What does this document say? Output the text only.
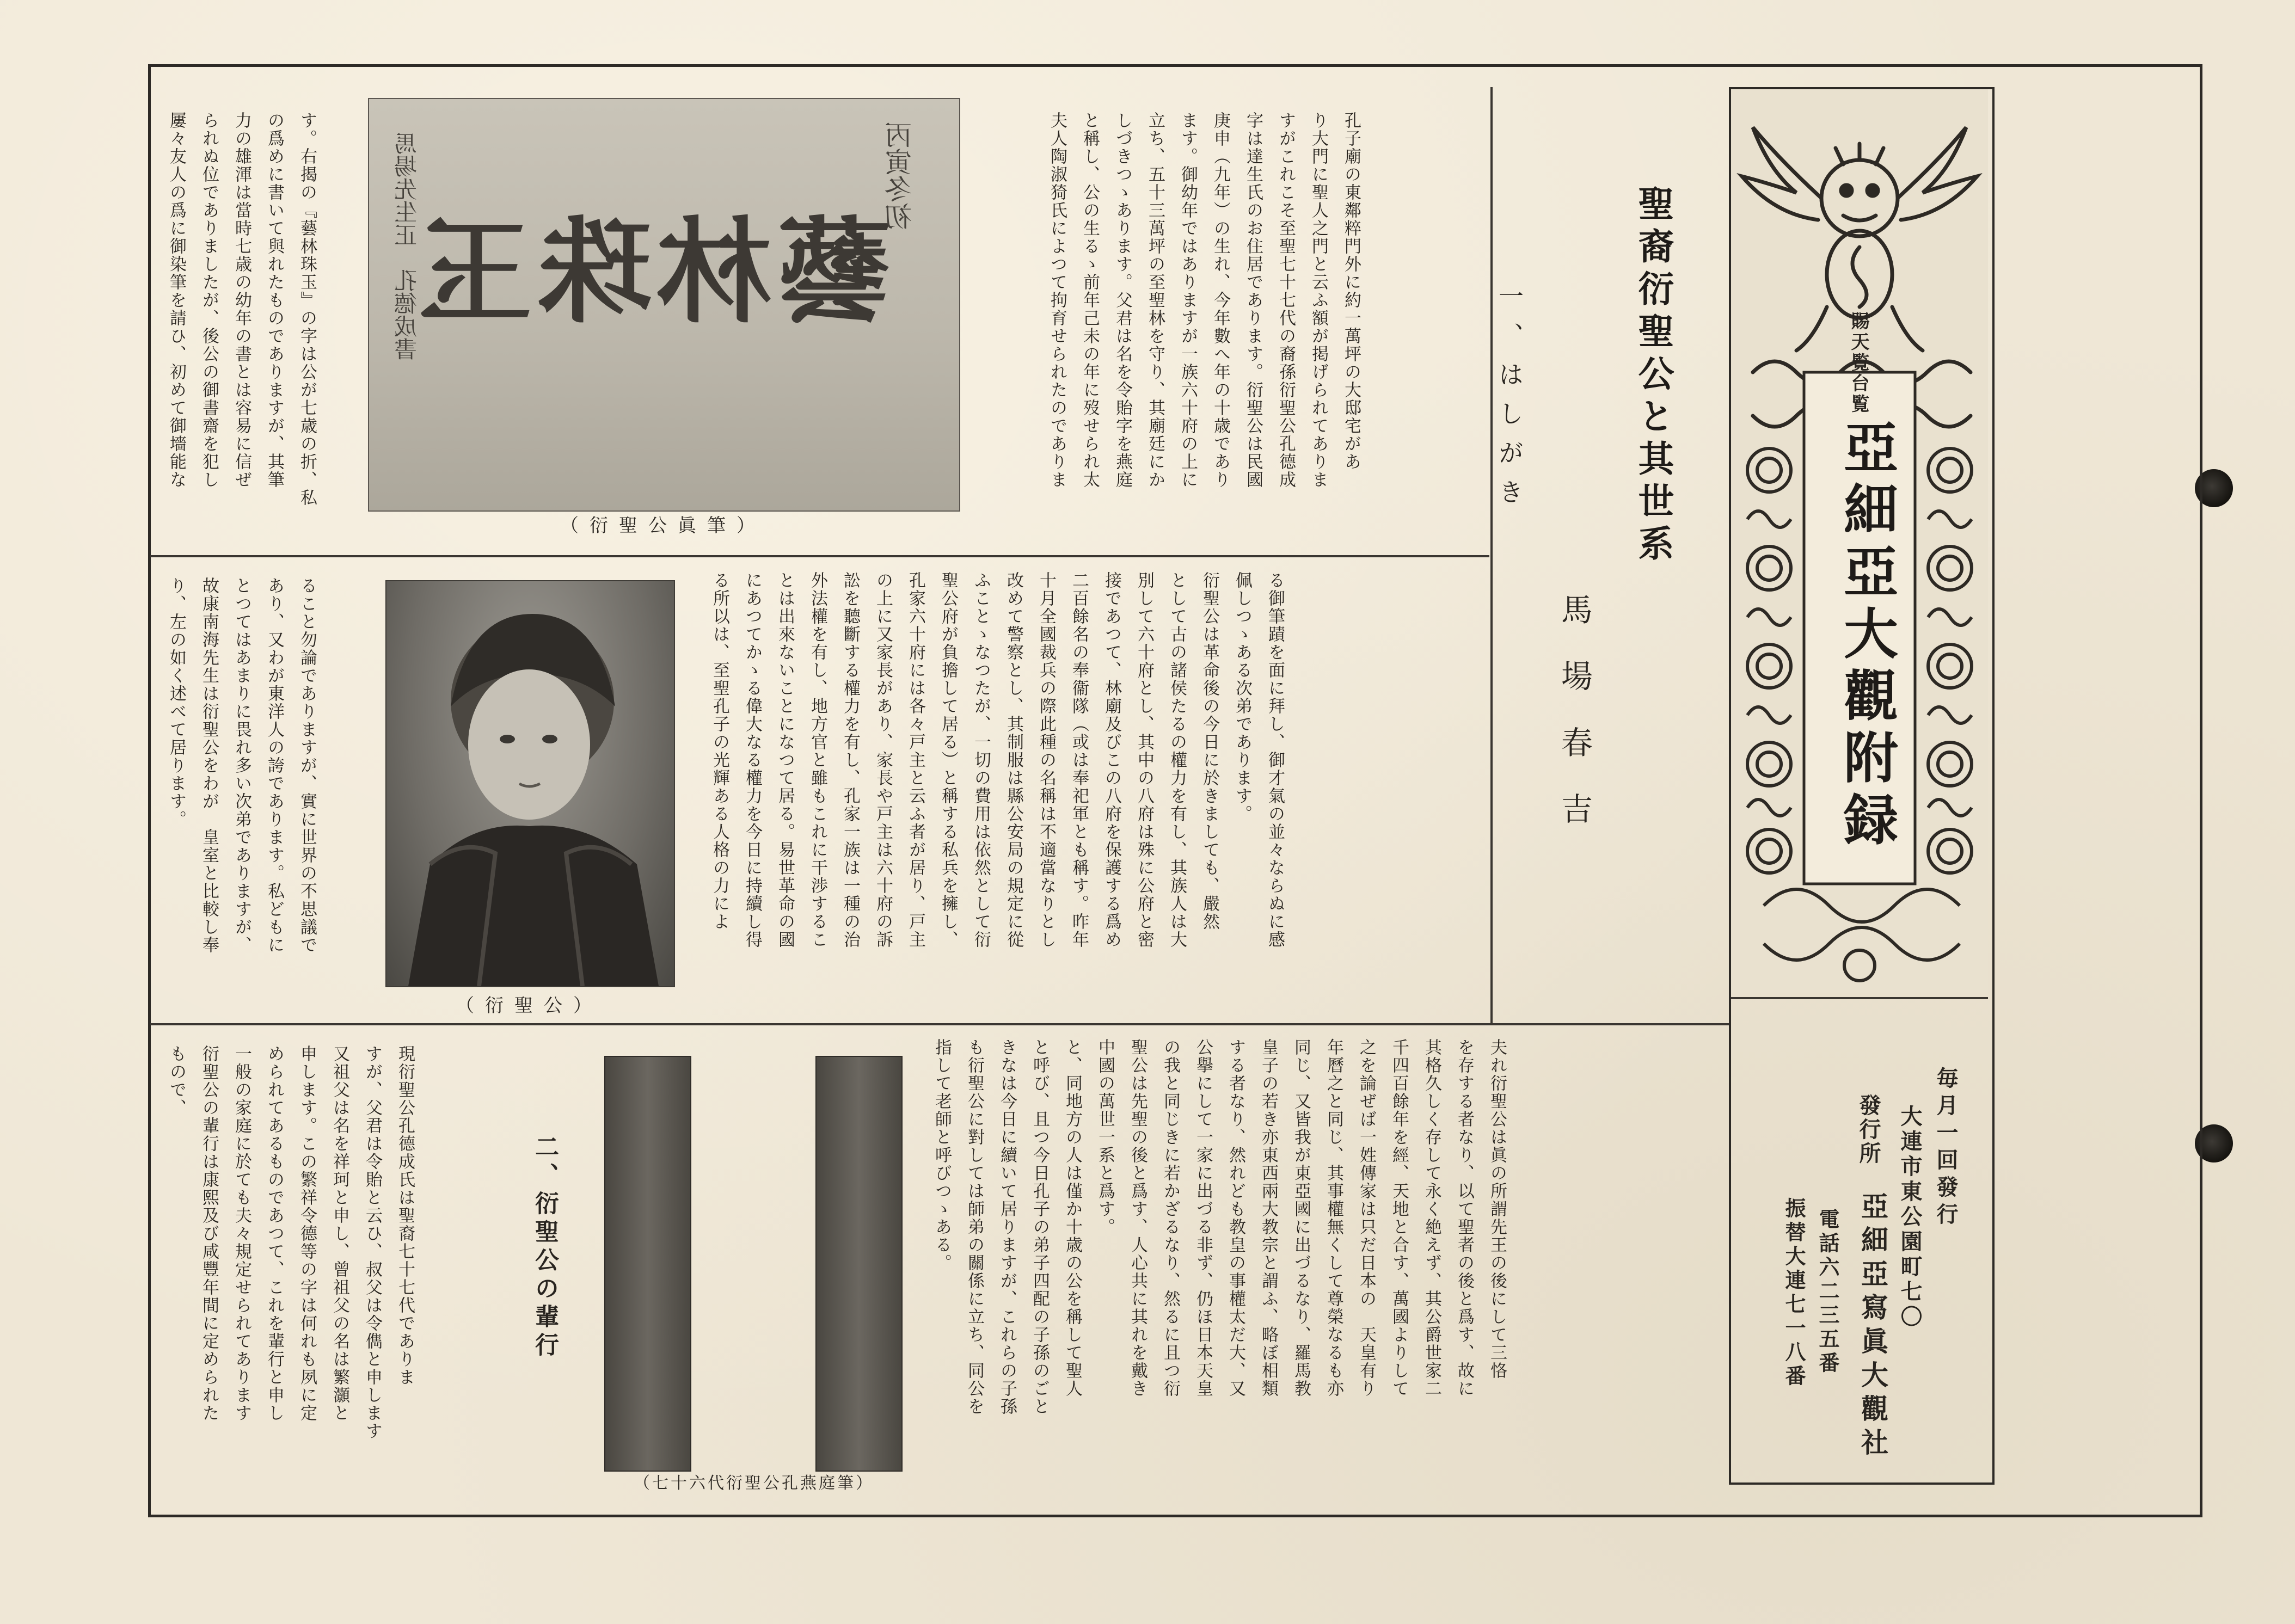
賜天覧台覧
亞細亞大觀附録
毎月一回發行
大連市東公園町七〇
發行所
亞細亞寫眞大觀社
電話六二三五番
振替大連七一八番
聖裔衍聖公と其世系
馬場春吉
一、はしがき
孔子廟の東鄰粹門外に約一萬坪の大邸宅があ
り大門に聖人之門と云ふ額が掲げられてありま
すがこれこそ至聖七十七代の裔孫衍聖公孔德成
字は達生氏のお住居であります。衍聖公は民國
庚申（九年）の生れ、今年數へ年の十歳であり
ます。御幼年ではありますが一族六十府の上に
立ち、五十三萬坪の至聖林を守り、其廟廷にか
しづきつゝあります。父君は名を令貽字を燕庭
と稱し、公の生るゝ前年己未の年に歿せられ太
夫人陶淑猗氏によつて拘育せられたのでありま
藝林珠玉
丙寅冬初
馬場先生正　孔德成書
（衍聖公眞筆）
す。右揭の『藝林珠玉』の字は公が七歳の折、私
の爲めに書いて與れたものでありますが、其筆
力の雄渾は當時七歳の幼年の書とは容易に信ぜ
られぬ位でありましたが、後公の御書齋を犯し
屢々友人の爲に御染筆を請ひ、初めて御墻能な
る御筆蹟を面に拜し、御才氣の並々ならぬに感
佩しつゝある次弟であります。
衍聖公は革命後の今日に於きましても、嚴然
として古の諸侯たるの權力を有し、其族人は大
別して六十府とし、其中の八府は殊に公府と密
接であつて、林廟及びこの八府を保護する爲め
二百餘名の奉衞隊（或は奉祀軍とも稱す。昨年
十月全國裁兵の際此種の名稱は不適當なりとし
改めて警察とし、其制服は縣公安局の規定に從
ふことゝなつたが、一切の費用は依然として衍
聖公府が負擔して居る）と稱する私兵を擁し、
孔家六十府には各々戸主と云ふ者が居り、戸主
の上に又家長があり、家長や戸主は六十府の訴
訟を聽斷する權力を有し、孔家一族は一種の治
外法權を有し、地方官と雖もこれに干渉するこ
とは出來ないことになつて居る。易世革命の國
にあつてかゝる偉大なる權力を今日に持續し得
る所以は、至聖孔子の光輝ある人格の力によ
（衍聖公）
ること勿論でありますが、實に世界の不思議で
あり、又わが東洋人の誇であります。私どもに
とつてはあまりに畏れ多い次弟でありますが、
故康南海先生は衍聖公をわが　皇室と比較し奉
り、左の如く述べて居ります。
夫れ衍聖公は眞の所謂先王の後にして三恪
を存する者なり、以て聖者の後と爲す、故に
其格久しく存して永く絶えず、其公爵世家二
千四百餘年を經、天地と合す、萬國よりして
之を論ぜば一姓傳家は只だ日本の　天皇有り
年曆之と同じ、其事權無くして尊榮なるも亦
同じ、又皆我が東亞國に出づるなり、羅馬教
皇子の若き亦東西兩大教宗と謂ふ、略ぼ相類
する者なり、然れども教皇の事權太だ大、又
公擧にして一家に出づる非ず、仍ほ日本天皇
の我と同じきに若かざるなり、然るに且つ衍
聖公は先聖の後と爲す、人心共に其れを戴き
中國の萬世一系と爲す。
と、同地方の人は僅か十歳の公を稱して聖人
と呼び、且つ今日孔子の弟子四配の子孫のごと
きなは今日に續いて居りますが、これらの子孫
も衍聖公に對しては師弟の關係に立ち、同公を
指して老師と呼びつゝある。
（七十六代衍聖公孔燕庭筆）
二、衍聖公の輩行
現衍聖公孔德成氏は聖裔七十七代でありま
すが、父君は令貽と云ひ、叔父は令儁と申します
又祖父は名を祥珂と申し、曾祖父の名は繁灝と
申します。この繁祥令德等の字は何れも夙に定
められてあるものであつて、これを輩行と申し
一般の家庭に於ても夫々規定せられてあります
衍聖公の輩行は康熙及び咸豐年間に定められた
もので、
